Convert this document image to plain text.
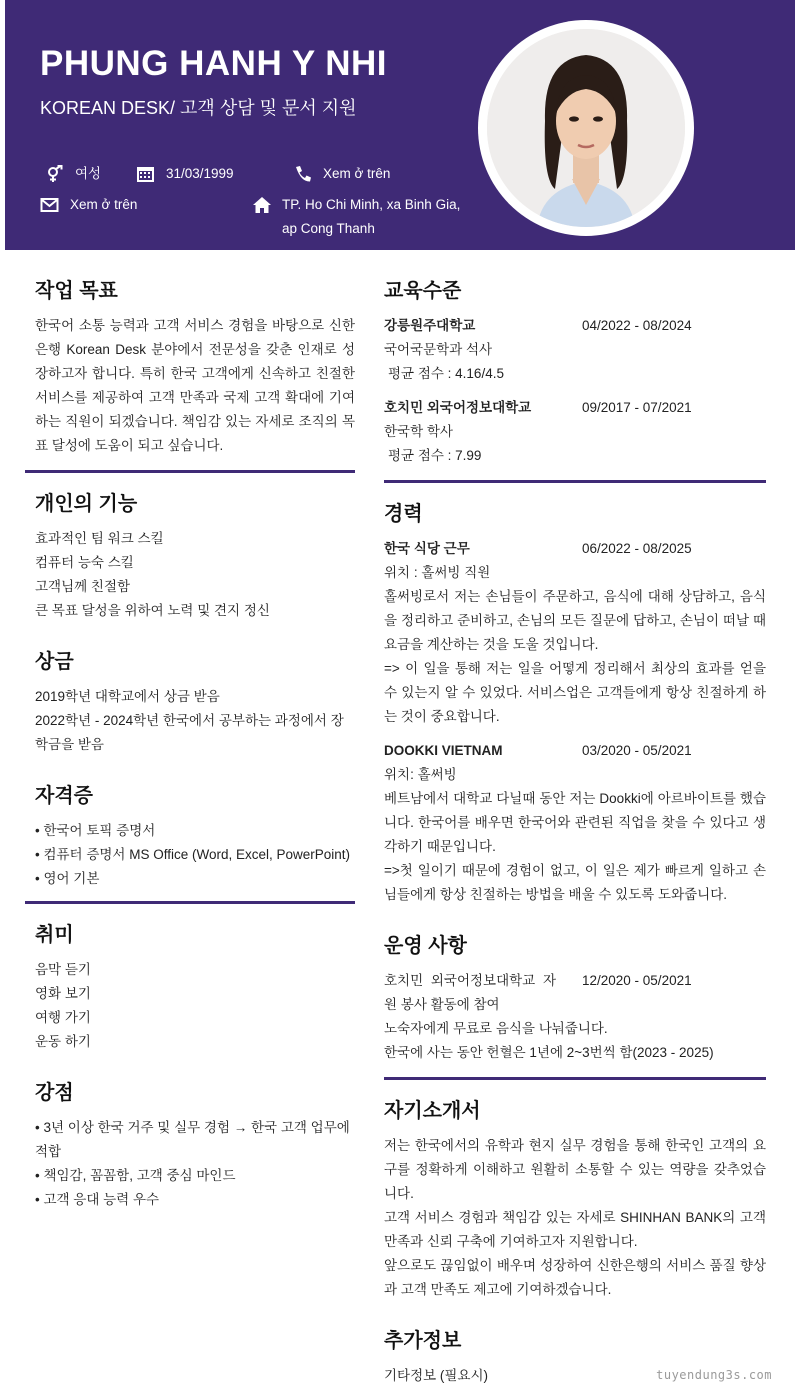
PHUNG HANH Y NHI
KOREAN DESK/ 고객 상담 및 문서 지원
여성	31/03/1999	Xem ở trên
Xem ở trên	TP. Ho Chi Minh, xa Binh Gia,
ap Cong Thanh
작업 목표
한국어 소통 능력과 고객 서비스 경험을 바탕으로 신한은행 Korean Desk 분야에서 전문성을 갖춘 인재로 성장하고자 합니다. 특히 한국 고객에게 신속하고 친절한 서비스를 제공하여 고객 만족과 국제 고객 확대에 기여하는 직원이 되겠습니다. 책임감 있는 자세로 조직의 목표 달성에 도움이 되고 싶습니다.
개인의 기능
효과적인 팀 워크 스킬
컴퓨터 능숙 스킬
고객님께 친절함
큰 목표 달성을 위하여 노력 및 견지 정신
상금
2019학년 대학교에서 상금 받음
2022학년 - 2024학년 한국에서 공부하는 과정에서 장학금을 받음
자격증
• 한국어 토픽 증명서
• 컴퓨터 증명서 MS Office (Word, Excel, PowerPoint)
• 영어 기본
취미
음막 듣기
영화 보기
여행 가기
운동 하기
강점
• 3년 이상 한국 거주 및 실무 경험 → 한국 고객 업무에 적합
• 책임감, 꼼꼼함, 고객 중심 마인드
• 고객 응대 능력 우수
교육수준
강릉원주대학교	04/2022 - 08/2024
국어국문학과 석사
평균 점수 : 4.16/4.5
호치민 외국어정보대학교	09/2017 - 07/2021
한국학 학사
평균 점수 : 7.99
경력
한국 식당 근무	06/2022 - 08/2025
위치 : 홀써빙 직원
홀써빙로서 저는 손님들이 주문하고, 음식에 대해 상담하고, 음식을 정리하고 준비하고, 손님의 모든 질문에 답하고, 손님이 떠날 때 요금을 계산하는 것을 도울 것입니다.
=> 이 일을 통해 저는 일을 어떻게 정리해서 최상의 효과를 얻을 수 있는지 알 수 있었다. 서비스업은 고객들에게 항상 친절하게 하는 것이 중요합니다.
DOOKKI VIETNAM	03/2020 - 05/2021
위치: 홀써빙
베트남에서 대학교 다닐때 동안 저는 Dookki에 아르바이트를 했습니다. 한국어를 배우면 한국어와 관련된 직업을 찾을 수 있다고 생각하기 때문입니다.
=>첫 일이기 때문에 경험이 없고, 이 일은 제가 빠르게 일하고 손님들에게 항상 친절하는 방법을 배울 수 있도록 도와줍니다.
운영 사항
호치민 외국어정보대학교 자	12/2020 - 05/2021
원 봉사 활동에 참여
노숙자에게 무료로 음식을 나눠줍니다.
한국에 사는 동안 헌혈은 1년에 2~3번씩 함(2023 - 2025)
자기소개서
저는 한국에서의 유학과 현지 실무 경험을 통해 한국인 고객의 요구를 정확하게 이해하고 원활히 소통할 수 있는 역량을 갖추었습니다.
고객 서비스 경험과 책임감 있는 자세로 SHINHAN BANK의 고객 만족과 신뢰 구축에 기여하고자 지원합니다.
앞으로도 끊임없이 배우며 성장하여 신한은행의 서비스 품질 향상과 고객 만족도 제고에 기여하겠습니다.
추가정보
기타정보 (필요시)	tuyendung3s.com
